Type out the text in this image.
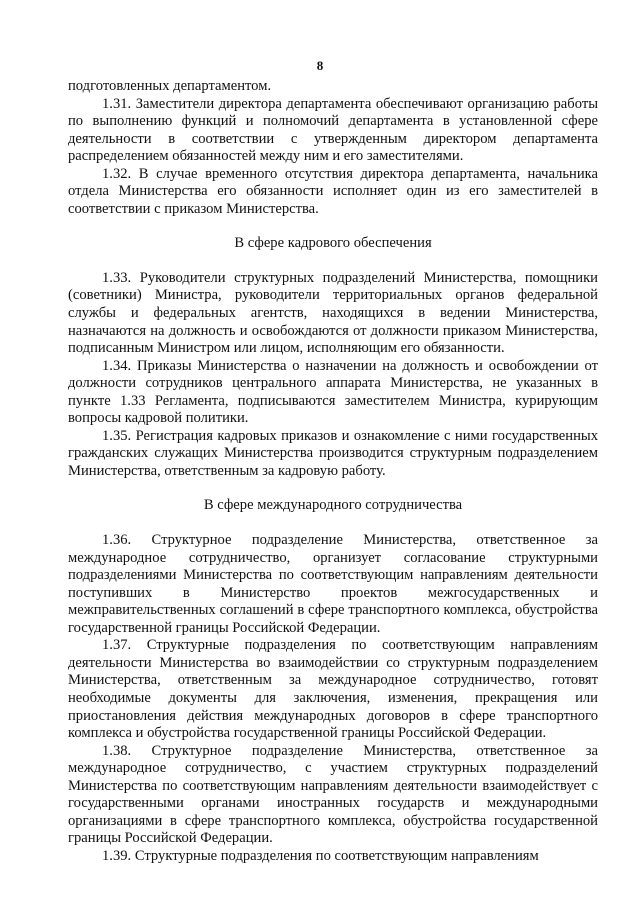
8

подготовленных департаментом.

1.31. Заместители директора департамента обеспечивают организацию работы по выполнению функций и полномочий департамента в установленной сфере деятельности в соответствии с утвержденным директором департамента распределением обязанностей между ним и его заместителями.

1.32. В случае временного отсутствия директора департамента, начальника отдела Министерства его обязанности исполняет один из его заместителей в соответствии с приказом Министерства.

В сфере кадрового обеспечения

1.33. Руководители структурных подразделений Министерства, помощники (советники) Министра, руководители территориальных органов федеральной службы и федеральных агентств, находящихся в ведении Министерства, назначаются на должность и освобождаются от должности приказом Министерства, подписанным Министром или лицом, исполняющим его обязанности.

1.34. Приказы Министерства о назначении на должность и освобождении от должности сотрудников центрального аппарата Министерства, не указанных в пункте 1.33 Регламента, подписываются заместителем Министра, курирующим вопросы кадровой политики.

1.35. Регистрация кадровых приказов и ознакомление с ними государственных гражданских служащих Министерства производится структурным подразделением Министерства, ответственным за кадровую работу.

В сфере международного сотрудничества

1.36. Структурное подразделение Министерства, ответственное за международное сотрудничество, организует согласование структурными подразделениями Министерства по соответствующим направлениям деятельности поступивших в Министерство проектов межгосударственных и межправительственных соглашений в сфере транспортного комплекса, обустройства государственной границы Российской Федерации.

1.37. Структурные подразделения по соответствующим направлениям деятельности Министерства во взаимодействии со структурным подразделением Министерства, ответственным за международное сотрудничество, готовят необходимые документы для заключения, изменения, прекращения или приостановления действия международных договоров в сфере транспортного комплекса и обустройства государственной границы Российской Федерации.

1.38. Структурное подразделение Министерства, ответственное за международное сотрудничество, с участием структурных подразделений Министерства по соответствующим направлениям деятельности взаимодействует с государственными органами иностранных государств и международными организациями в сфере транспортного комплекса, обустройства государственной границы Российской Федерации.

1.39. Структурные подразделения по соответствующим направлениям
